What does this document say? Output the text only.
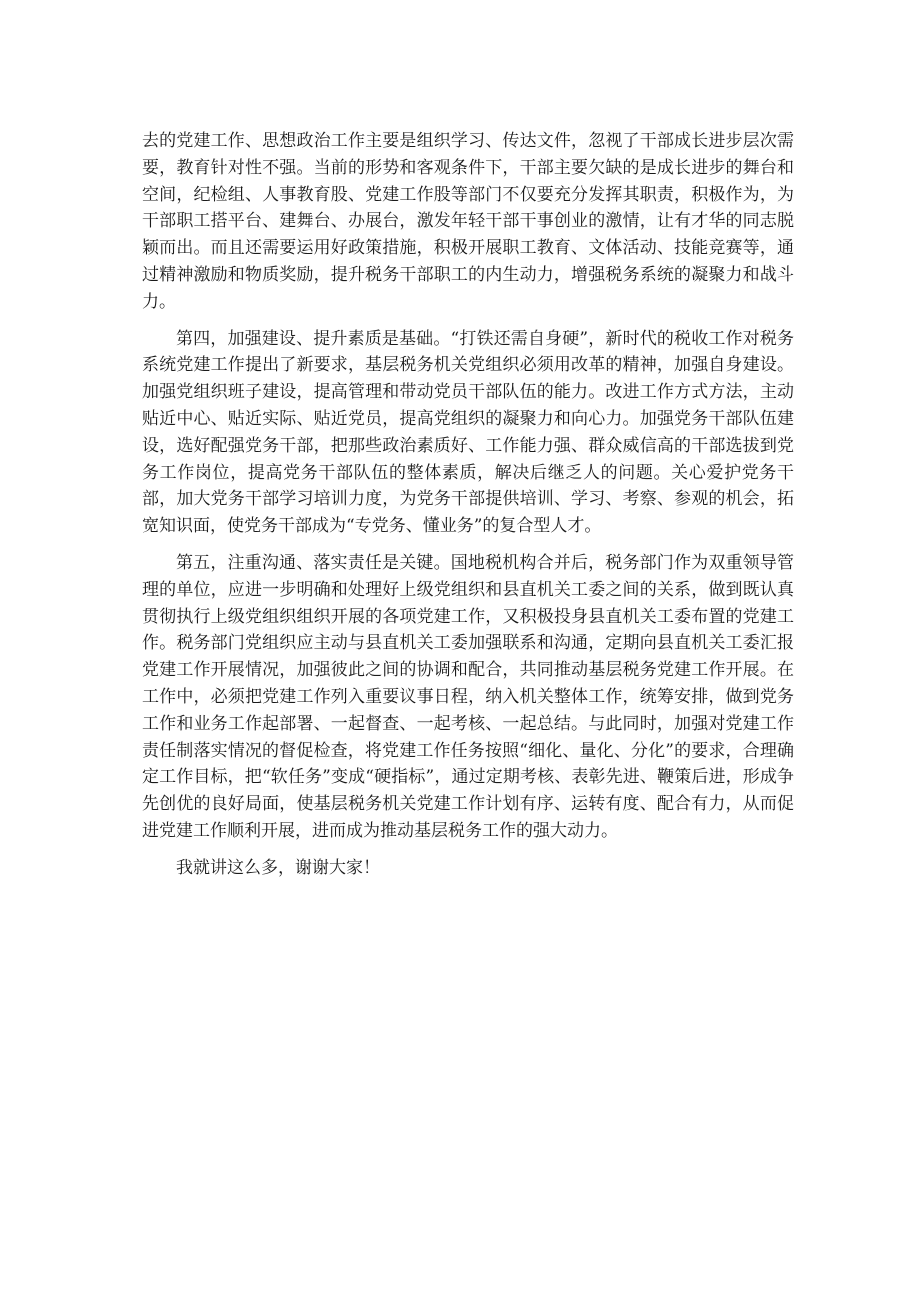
去的党建工作、思想政治工作主要是组织学习、传达文件，忽视了干部成长进步层次需要，教育针对性不强。当前的形势和客观条件下，干部主要欠缺的是成长进步的舞台和空间，纪检组、人事教育股、党建工作股等部门不仅要充分发挥其职责，积极作为，为干部职工搭平台、建舞台、办展台，激发年轻干部干事创业的激情，让有才华的同志脱颖而出。而且还需要运用好政策措施，积极开展职工教育、文体活动、技能竞赛等，通过精神激励和物质奖励，提升税务干部职工的内生动力，增强税务系统的凝聚力和战斗力。

第四，加强建设、提升素质是基础。“打铁还需自身硬”，新时代的税收工作对税务系统党建工作提出了新要求，基层税务机关党组织必须用改革的精神，加强自身建设。加强党组织班子建设，提高管理和带动党员干部队伍的能力。改进工作方式方法，主动贴近中心、贴近实际、贴近党员，提高党组织的凝聚力和向心力。加强党务干部队伍建设，选好配强党务干部，把那些政治素质好、工作能力强、群众威信高的干部选拔到党务工作岗位，提高党务干部队伍的整体素质，解决后继乏人的问题。关心爱护党务干部，加大党务干部学习培训力度，为党务干部提供培训、学习、考察、参观的机会，拓宽知识面，使党务干部成为“专党务、懂业务”的复合型人才。

第五，注重沟通、落实责任是关键。国地税机构合并后，税务部门作为双重领导管理的单位，应进一步明确和处理好上级党组织和县直机关工委之间的关系，做到既认真贯彻执行上级党组织组织开展的各项党建工作，又积极投身县直机关工委布置的党建工作。税务部门党组织应主动与县直机关工委加强联系和沟通，定期向县直机关工委汇报党建工作开展情况，加强彼此之间的协调和配合，共同推动基层税务党建工作开展。在工作中，必须把党建工作列入重要议事日程，纳入机关整体工作，统筹安排，做到党务工作和业务工作起部署、一起督查、一起考核、一起总结。与此同时，加强对党建工作责任制落实情况的督促检查，将党建工作任务按照“细化、量化、分化”的要求，合理确定工作目标，把“软任务”变成“硬指标”，通过定期考核、表彰先进、鞭策后进，形成争先创优的良好局面，使基层税务机关党建工作计划有序、运转有度、配合有力，从而促进党建工作顺利开展，进而成为推动基层税务工作的强大动力。

我就讲这么多，谢谢大家！
